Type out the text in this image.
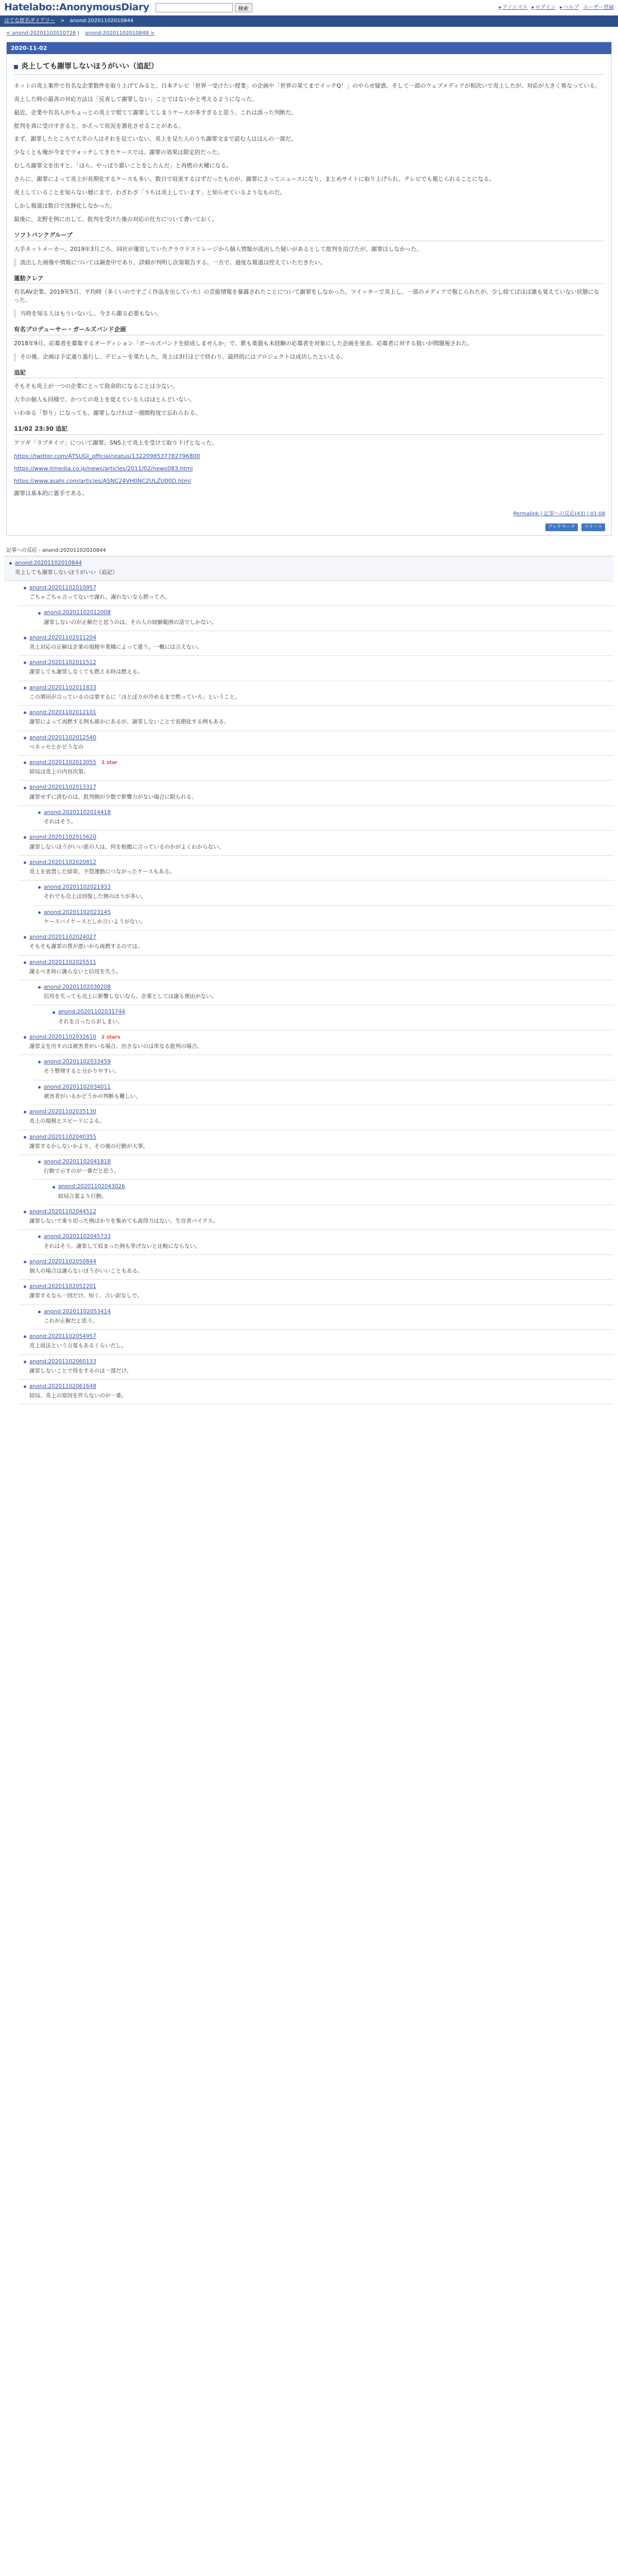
Hatelabo::AnonymousDiary	検索	▸ アノニマス ▸ ログイン ▸ ヘルプ ユーザー登録
はてな匿名ダイアリー > anond:20201102010844
< anond:20201102010726 | anond:20201102010848 >
2020-11-02
炎上しても謝罪しないほうがいい（追記）

ネットの炎上案件で有名な企業数件を取り上げてみると、日本テレビ「世界一受けたい授業」の企画や「世界の果てまでイッテQ！」のやらせ疑惑、そして一部のウェブメディアが相次いで炎上したが、対応が大きく異なっている。

炎上した時の最善の対応方法は「反省して謝罪しない」ことではないかと考えるようになった。

最近、企業や有名人がちょっとの炎上で慌てて謝罪してしまうケースが多すぎると思う。これは誤った判断だ。

批判を真に受けすぎると、かえって状況を悪化させることがある。

まず、謝罪したところで大半の人はそれを見ていない。炎上を見た人のうち謝罪文まで読む人はほんの一部だ。

少なくとも俺が今までウォッチしてきたケースでは、謝罪の効果は限定的だった。

むしろ謝罪文を出すと、「ほら、やっぱり悪いことをしたんだ」と再燃の火種になる。

さらに、謝罪によって炎上が長期化するケースも多い。数日で収束するはずだったものが、謝罪によってニュースになり、まとめサイトに取り上げられ、テレビでも報じられることになる。

炎上していることを知らない層にまで、わざわざ「うちは炎上しています」と知らせているようなものだ。

しかし報道は数日で沈静化しなかった。

最後に、北野を例に出して、批判を受けた後の対応の仕方について書いておく。

ソフトバンクグループ

大手ネットメーカー、2019年3月ごろ、同社が運営していたクラウドストレージから個人情報が流出した疑いがあるとして批判を浴びたが、謝罪はしなかった。

流出した画像や情報については調査中であり、詳細が判明し次第報告する。一方で、過度な報道は控えていただきたい。

蓮舫クレア

有名AV企業、2019年5月、平均時（多くいのですごく作品を出していた）の芸能情報を暴露されたことについて謝罪をしなかった。ツイッターで炎上し、一部のメディアで報じられたが、少し経てばほぼ誰も覚えていない状態になった。

当時を知る人はもういないし、今さら謝る必要もない。

有名プロデューサー・ガールズバンド企画

2018年9月、応募者を募集するオーディション「ガールズバンドを結成しませんか」で、歌も楽器も未経験の応募者を対象にした企画を発表。応募者に対する扱いが問題視された。

その後、企画は予定通り進行し、デビューを果たした。炎上は3日ほどで終わり、最終的にはプロジェクトは成功したといえる。

追記

そもそも炎上が一つの企業にとって致命的になることは少ない。

大半の個人も同様で、かつての炎上を覚えている人はほとんどいない。

いわゆる「祭り」になっても、謝罪しなければ一週間程度で忘れられる。

11/02 23:30 追記

アツギ「ラブタイツ」について謝罪。SNS上で炎上を受けて取り下げとなった。

https://twitter.com/ATSUGI_official/status/1322098537782796800
https://www.itmedia.co.jp/news/articles/2011/02/news083.html
https://www.asahi.com/articles/ASNC24VH0NC2ULZU00D.html

謝罪は基本的に悪手である。

Permalink | 記事への反応(43) | 01:08
ブックマーク ツイート
記事への反応 - anond:20201102010844
anond:20201102010844
炎上しても謝罪しないほうがいい（追記）
anond:20201102010957
ごちゃごちゃ言ってないで謝れ。謝れないなら黙ってろ。
anond:20201102012008
謝罪しないのが正解だと思うのは、その人の経験範囲の話でしかない。
anond:20201102011204
炎上対応の正解は企業の規模や業種によって違う。一概には言えない。
anond:20201102011512
謝罪しても謝罪しなくても燃える時は燃える。
anond:20201102011833
この増田が言っているのは要するに「ほとぼりが冷めるまで黙っていろ」ということ。
anond:20201102012101
謝罪によって再燃する例も確かにあるが、謝罪しないことで長期化する例もある。
anond:20201102012540
ベネッセとかどうなの
anond:20201102013055 1 star
結局は炎上の内容次第。
anond:20201102013317
謝罪せずに済むのは、批判側が少数で影響力がない場合に限られる。
anond:20201102014418
それはそう。
anond:20201102015620
謝罪しないほうがいい派の人は、何を根拠に言っているのかがよくわからない。
anond:20201102020812
炎上を放置した結果、不買運動につながったケースもある。
anond:20201102021933
それでも売上は回復した例のほうが多い。
anond:20201102023145
ケースバイケースとしか言いようがない。
anond:20201102024027
そもそも謝罪の質が悪いから再燃するのでは。
anond:20201102025511
謝るべき時に謝らないと信用を失う。
anond:20201102030208
信用を失っても売上に影響しないなら、企業としては謝る理由がない。
anond:20201102031744
それを言ったらおしまい。
anond:20201102032610 2 stars
謝罪文を出すのは被害者がいる場合。出さないのは単なる批判の場合。
anond:20201102033459
そう整理すると分かりやすい。
anond:20201102034011
被害者がいるかどうかの判断も難しい。
anond:20201102035130
炎上の規模とスピードによる。
anond:20201102040355
謝罪するかしないかより、その後の行動が大事。
anond:20201102041818
行動で示すのが一番だと思う。
anond:20201102043026
結局言葉より行動。
anond:20201102044512
謝罪しないで乗り切った例ばかりを集めても説得力はない。生存者バイアス。
anond:20201102045733
それはそう。謝罪して収まった例も挙げないと比較にならない。
anond:20201102050844
個人の場合は謝らないほうがいいこともある。
anond:20201102052201
謝罪するなら一回だけ、短く、言い訳なしで。
anond:20201102053414
これが正解だと思う。
anond:20201102054957
炎上商法という言葉もあるくらいだし。
anond:20201102060133
謝罪しないことで得をするのは一部だけ。
anond:20201102061648
結局、炎上の原因を作らないのが一番。
